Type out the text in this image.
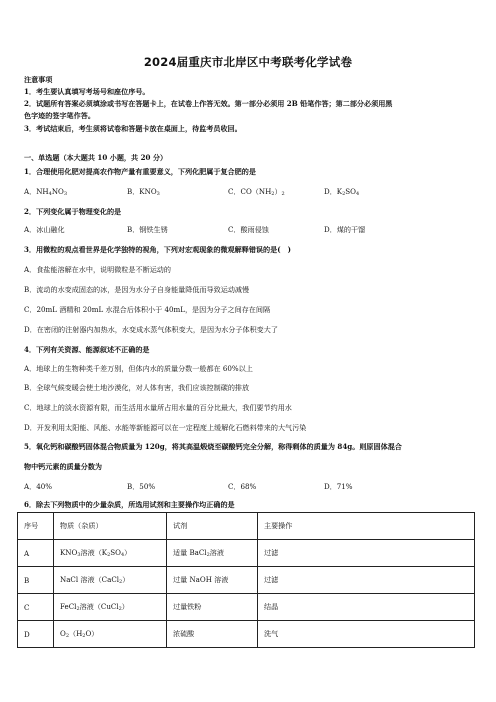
2024届重庆市北岸区中考联考化学试卷
注意事项
1．考生要认真填写考场号和座位序号。
2．试题所有答案必须填涂或书写在答题卡上，在试卷上作答无效。第一部分必须用 2B 铅笔作答；第二部分必须用黑
色字迹的签字笔作答。
3．考试结束后，考生须将试卷和答题卡放在桌面上，待监考员收回。
一、单选题（本大题共 10 小题，共 20 分）
1．合理使用化肥对提高农作物产量有重要意义，下列化肥属于复合肥的是
A．$NH_4NO_3$	B．$KNO_3$	C．$CO(NH_2)_2$	D．$K_2SO_4$
2．下列变化属于物理变化的是
A．冰山融化	B．钢铁生锈	C．酸雨侵蚀	D．煤的干馏
3．用微粒的观点看世界是化学独特的视角，下列对宏观现象的微观解释错误的是(　)
A．食盐能溶解在水中，说明微粒是不断运动的
B．流动的水变成固态的冰，是因为水分子自身能量降低而导致运动减慢
C．20mL 酒精和 20mL 水混合后体积小于 40mL，是因为分子之间存在间隔
D．在密闭的注射器内加热水，水变成水蒸气体积变大，是因为水分子体积变大了
4．下列有关资源、能源叙述不正确的是
A．地球上的生物种类千差万别，但体内水的质量分数一般都在 60%以上
B．全球气候变暖会使土地沙漠化，对人体有害，我们应该控制碳的排放
C．地球上的淡水资源有限，而生活用水量所占用水量的百分比最大，我们要节约用水
D．开发利用太阳能、风能、水能等新能源可以在一定程度上缓解化石燃料带来的大气污染
5．氧化钙和碳酸钙固体混合物质量为 120g，将其高温煅烧至碳酸钙完全分解，称得剩体的质量为 84g。则原固体混合
物中钙元素的质量分数为
A．40%	B．50%	C．68%	D．71%
6．除去下列物质中的少量杂质，所选用试剂和主要操作均正确的是
序号	物质（杂质）	试剂	主要操作
A	$KNO_3$溶液$(K_2SO_4)$	适量 BaCl$_2$溶液	过滤
B	NaCl 溶液（CaCl$_2$）	过量 NaOH 溶液	过滤
C	FeCl$_2$溶液（CuCl$_2$）	过量铁粉	结晶
D	$O_2(H_2O)$	浓硫酸	洗气
